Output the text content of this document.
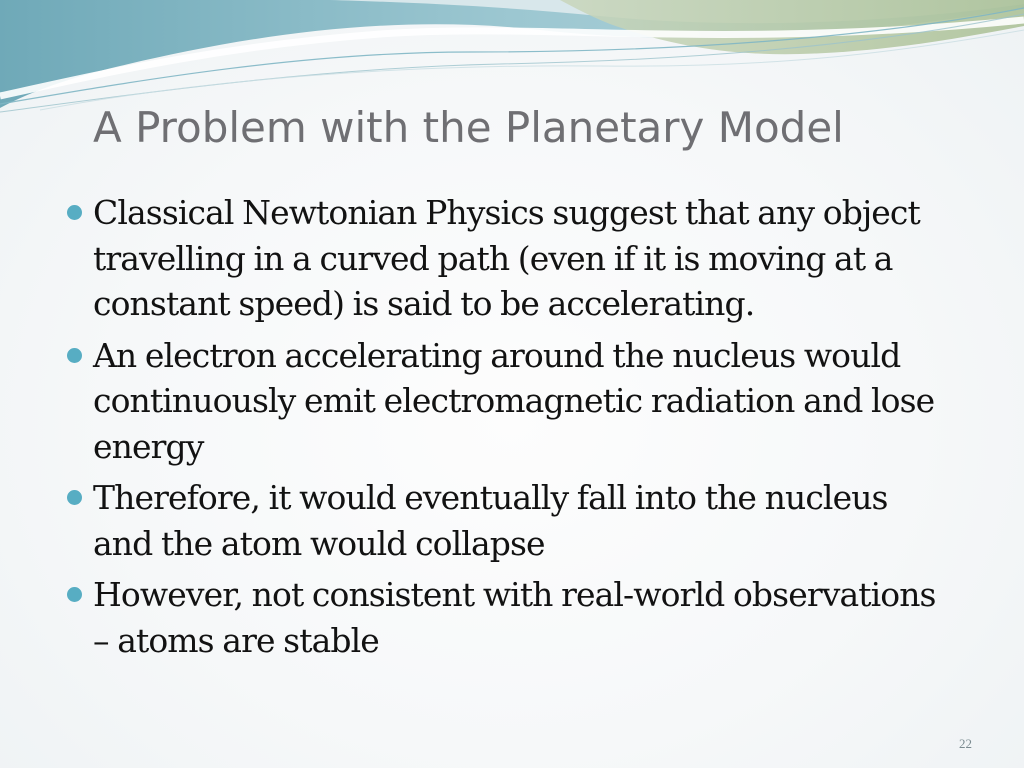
A Problem with the Planetary Model
Classical Newtonian Physics suggest that any object travelling in a curved path (even if it is moving at a constant speed) is said to be accelerating.
An electron accelerating around the nucleus would continuously emit electromagnetic radiation and lose energy
Therefore, it would eventually fall into the nucleus and the atom would collapse
However, not consistent with real-world observations – atoms are stable
22
